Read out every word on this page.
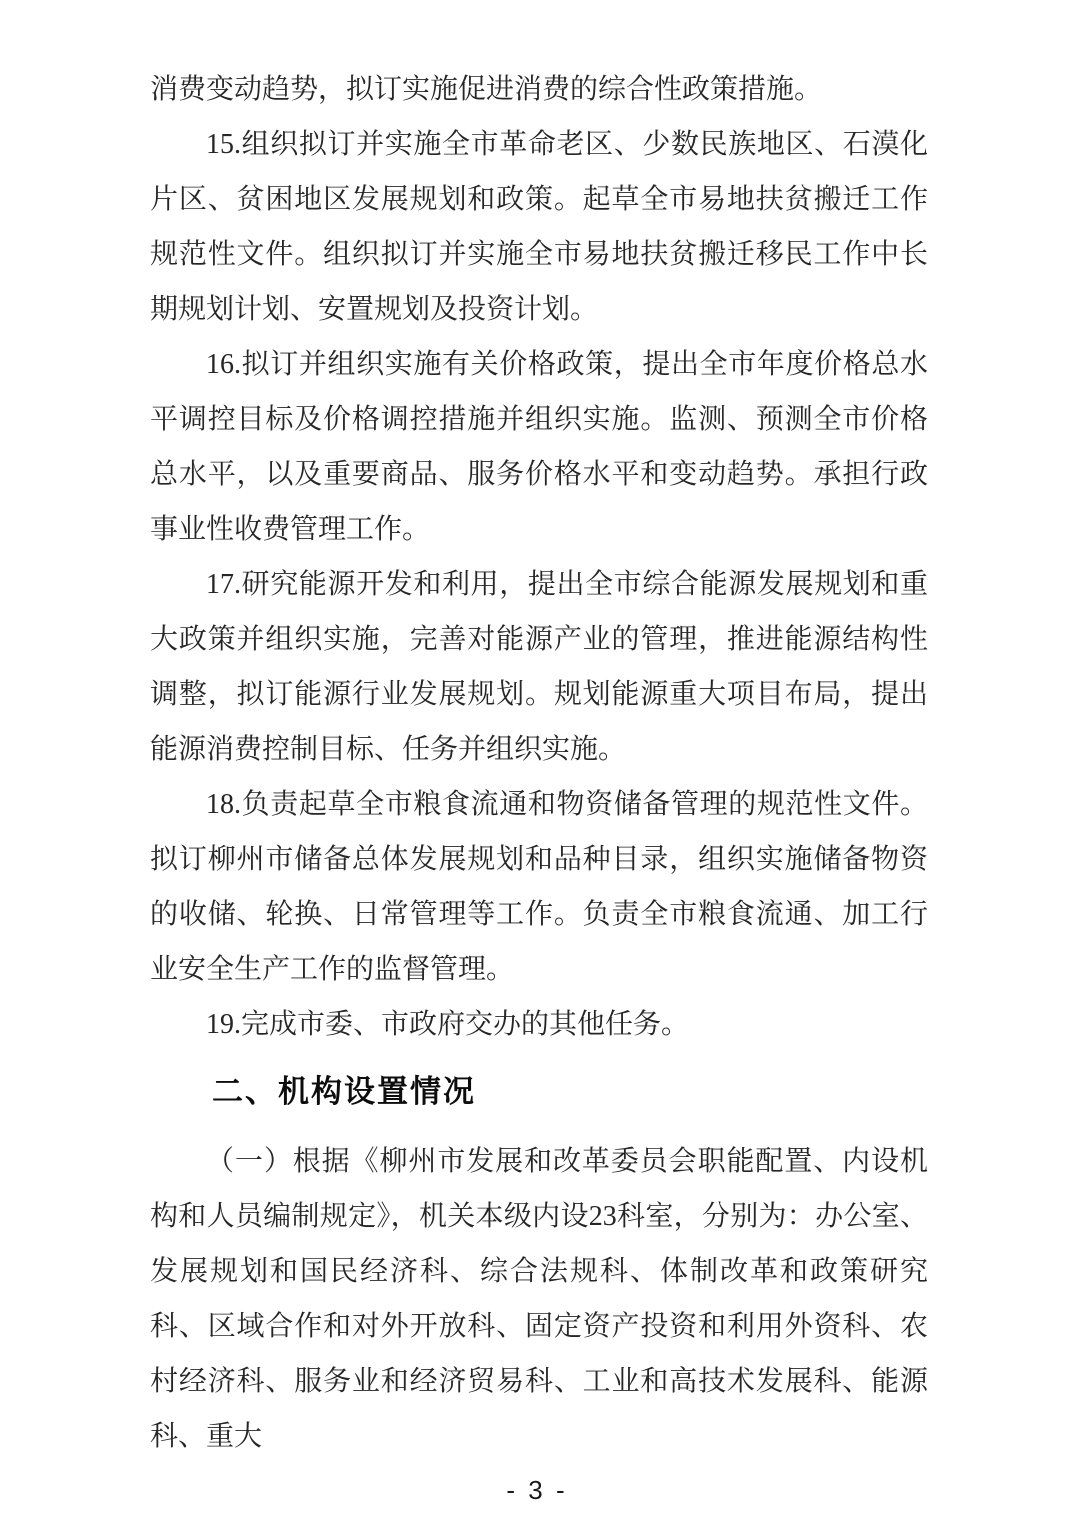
消费变动趋势，拟订实施促进消费的综合性政策措施。

15.组织拟订并实施全市革命老区、少数民族地区、石漠化片区、贫困地区发展规划和政策。起草全市易地扶贫搬迁工作规范性文件。组织拟订并实施全市易地扶贫搬迁移民工作中长期规划计划、安置规划及投资计划。

16.拟订并组织实施有关价格政策，提出全市年度价格总水平调控目标及价格调控措施并组织实施。监测、预测全市价格总水平，以及重要商品、服务价格水平和变动趋势。承担行政事业性收费管理工作。

17.研究能源开发和利用，提出全市综合能源发展规划和重大政策并组织实施，完善对能源产业的管理，推进能源结构性调整，拟订能源行业发展规划。规划能源重大项目布局，提出能源消费控制目标、任务并组织实施。

18.负责起草全市粮食流通和物资储备管理的规范性文件。拟订柳州市储备总体发展规划和品种目录，组织实施储备物资的收储、轮换、日常管理等工作。负责全市粮食流通、加工行业安全生产工作的监督管理。

19.完成市委、市政府交办的其他任务。

二、机构设置情况

（一）根据《柳州市发展和改革委员会职能配置、内设机构和人员编制规定》，机关本级内设23科室，分别为：办公室、发展规划和国民经济科、综合法规科、体制改革和政策研究科、区域合作和对外开放科、固定资产投资和利用外资科、农村经济科、服务业和经济贸易科、工业和高技术发展科、能源科、重大

- 3 -
